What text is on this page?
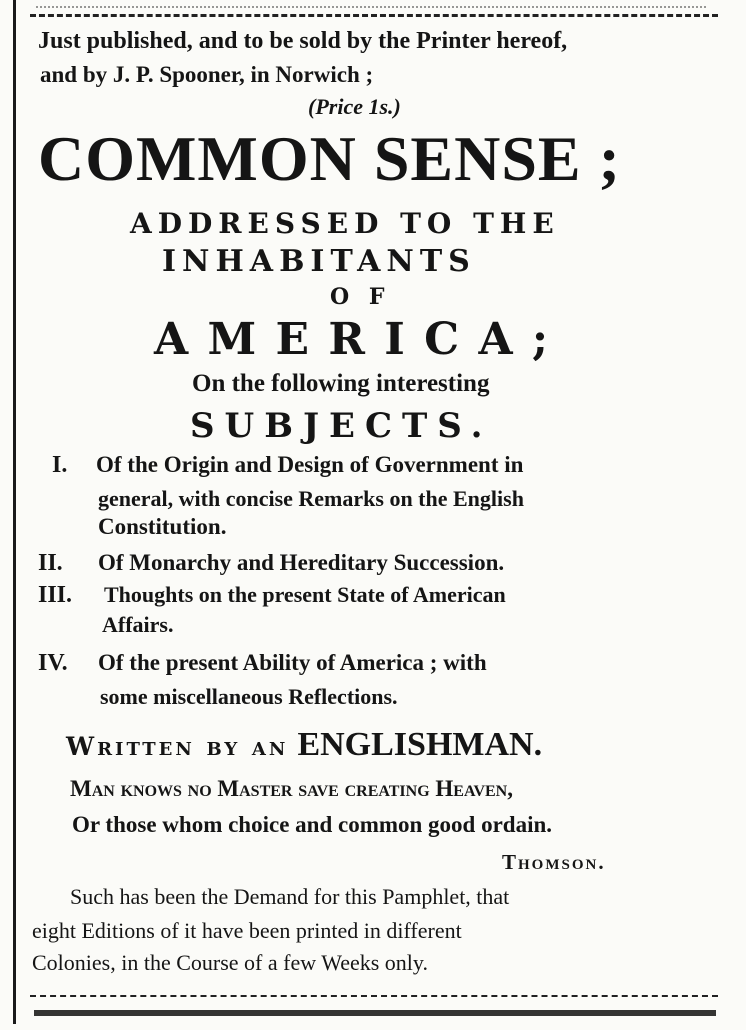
Just published, and to be sold by the Printer hereof,
and by J. P. Spooner, in Norwich ;
(Price 1s.)
COMMON SENSE ;
ADDRESSED TO THE
INHABITANTS
O F
A M E R I C A ;
On the following interesting
SUBJECTS.
I. Of the Origin and Design of Government in
general, with concise Remarks on the English
Constitution.
II. Of Monarchy and Hereditary Succession.
III. Thoughts on the present State of American
Affairs.
IV. Of the present Ability of America ; with
some miscellaneous Reflections.
Written by an ENGLISHMAN.
Man knows no Master save creating Heaven,
Or those whom choice and common good ordain.
Thomson.
Such has been the Demand for this Pamphlet, that
eight Editions of it have been printed in different
Colonies, in the Course of a few Weeks only.
